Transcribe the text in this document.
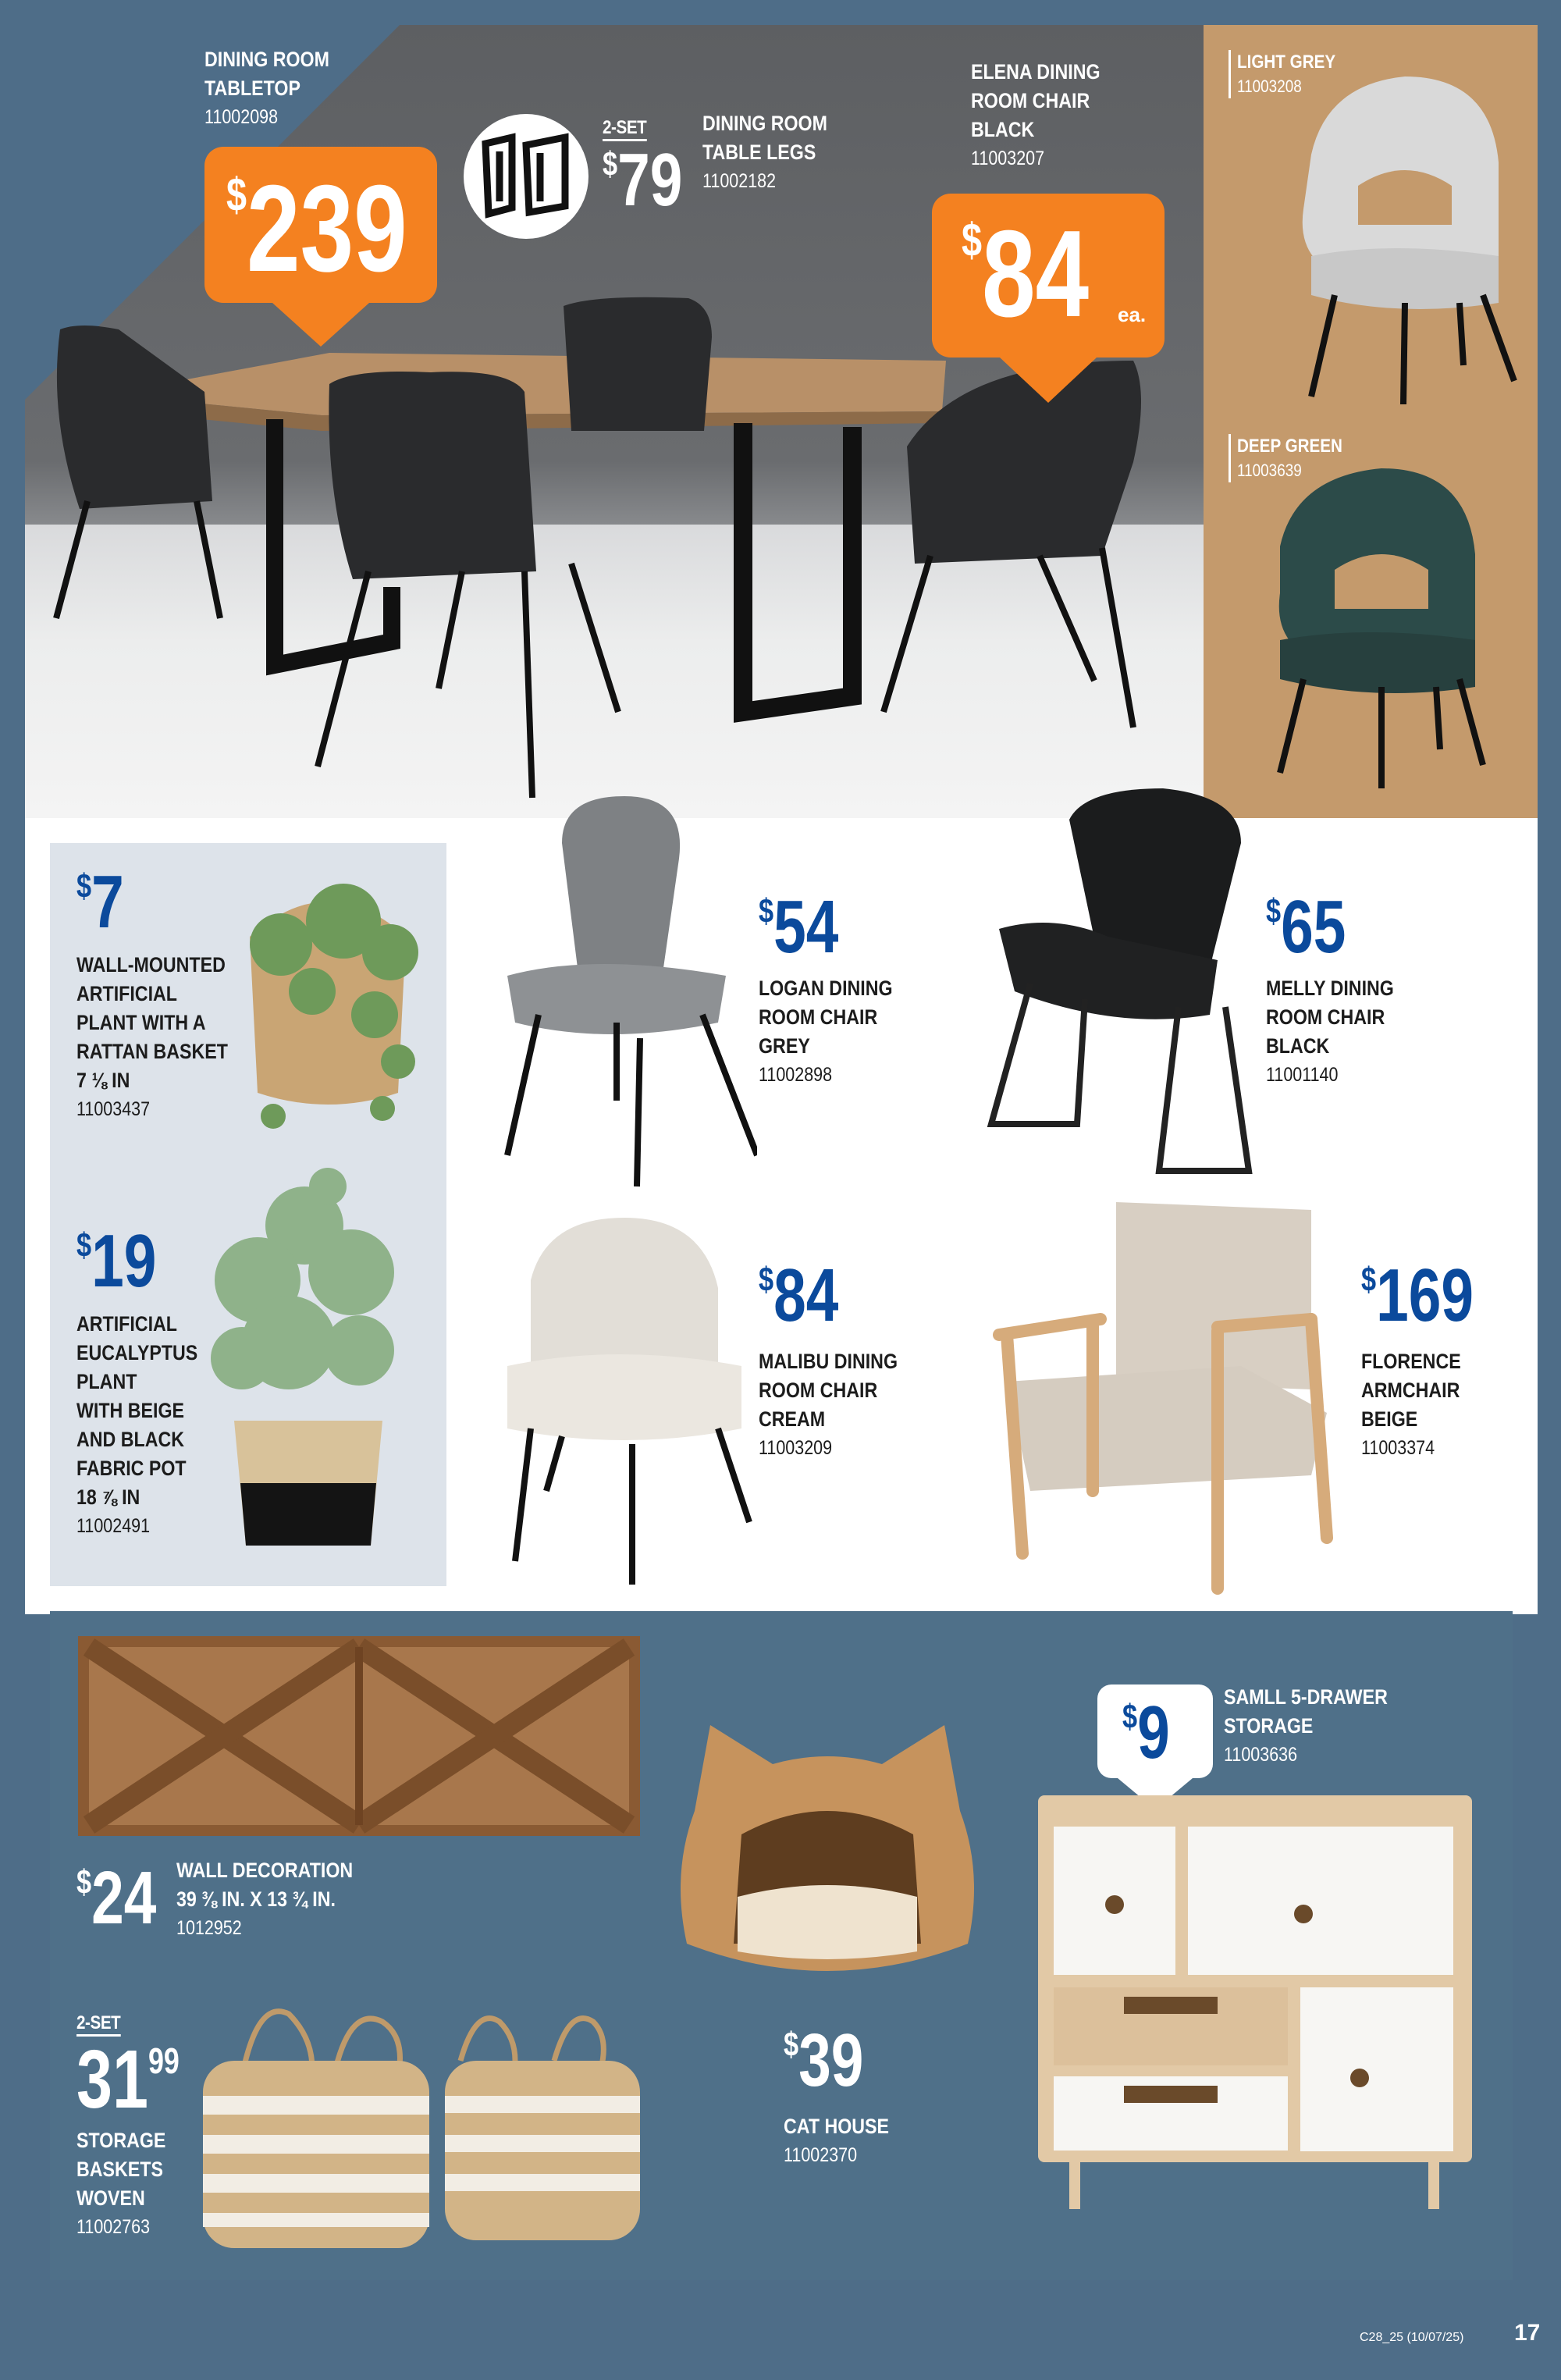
DINING ROOM
TABLETOP
11002098
$239
2-SET
$79
DINING ROOM
TABLE LEGS
11002182
ELENA DINING
ROOM CHAIR
BLACK
11003207
$84 ea.
LIGHT GREY
11003208
DEEP GREEN
11003639
$7
WALL-MOUNTED
ARTIFICIAL
PLANT WITH A
RATTAN BASKET
7 ⅛ IN
11003437
$19
ARTIFICIAL
EUCALYPTUS
PLANT
WITH BEIGE
AND BLACK
FABRIC POT
18 ⅞ IN
11002491
$54
LOGAN DINING
ROOM CHAIR
GREY
11002898
$65
MELLY DINING
ROOM CHAIR
BLACK
11001140
$84
MALIBU DINING
ROOM CHAIR
CREAM
11003209
$169
FLORENCE
ARMCHAIR
BEIGE
11003374
$24 WALL DECORATION
39 ⅜ IN. X 13 ¾ IN.
1012952
2-SET
3199
STORAGE
BASKETS
WOVEN
11002763
$39
CAT HOUSE
11002370
$9	SAMLL 5-DRAWER
STORAGE
11003636
C28_25 (10/07/25) 17
